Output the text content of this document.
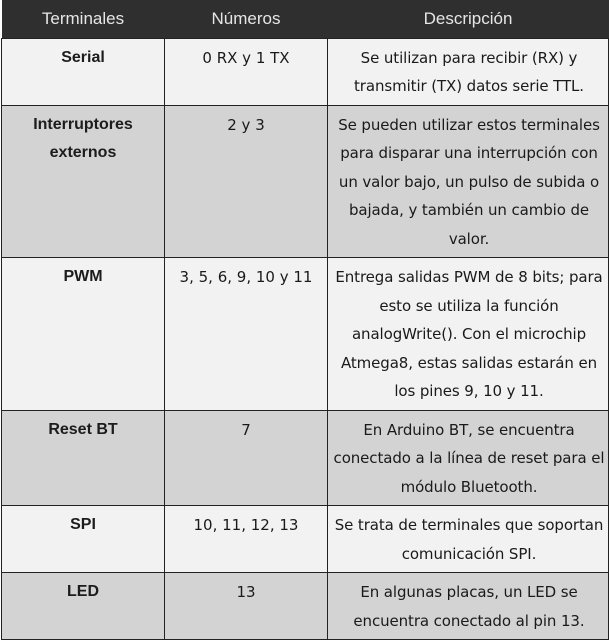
Terminales	Números	Descripción
Serial	0 RX y 1 TX	Se utilizan para recibir (RX) y transmitir (TX) datos serie TTL.
Interruptores externos	2 y 3	Se pueden utilizar estos terminales para disparar una interrupción con un valor bajo, un pulso de subida o bajada, y también un cambio de valor.
PWM	3, 5, 6, 9, 10 y 11	Entrega salidas PWM de 8 bits; para esto se utiliza la función analogWrite(). Con el microchip Atmega8, estas salidas estarán en los pines 9, 10 y 11.
Reset BT	7	En Arduino BT, se encuentra conectado a la línea de reset para el módulo Bluetooth.
SPI	10, 11, 12, 13	Se trata de terminales que soportan comunicación SPI.
LED	13	En algunas placas, un LED se encuentra conectado al pin 13.
